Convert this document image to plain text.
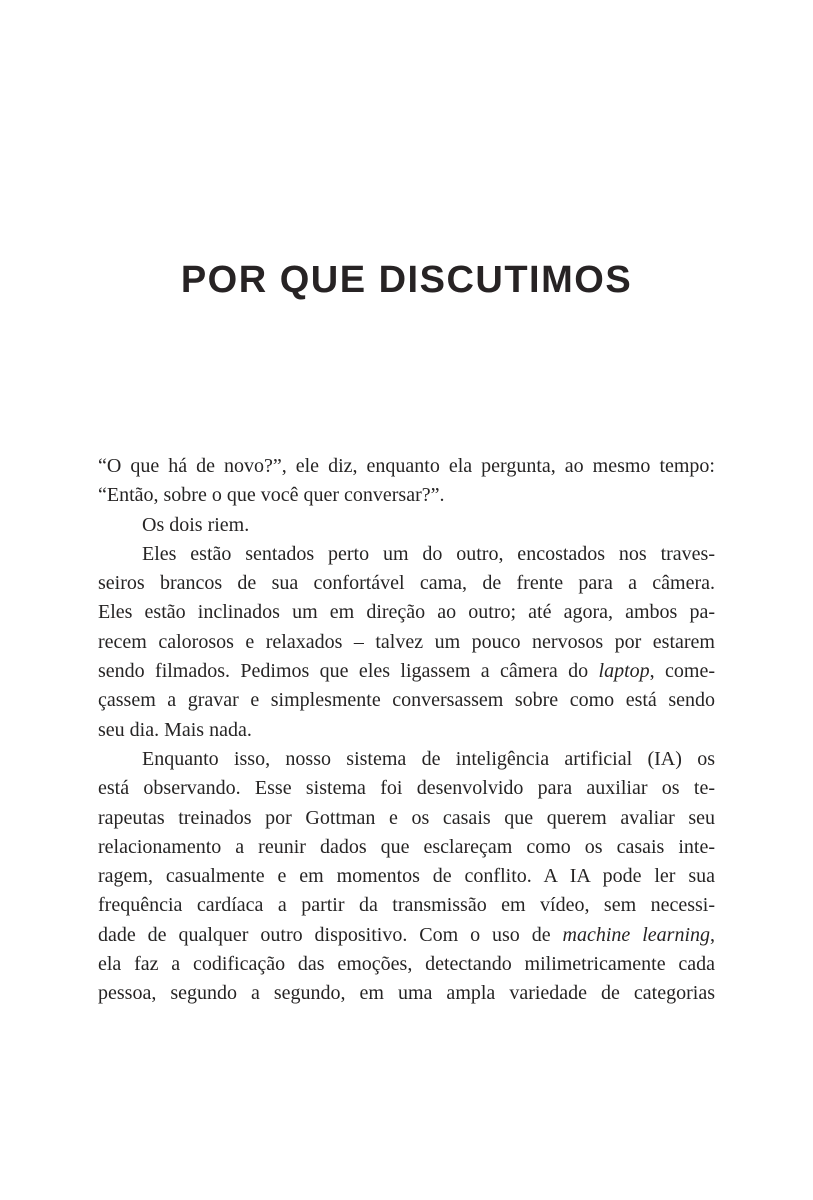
POR QUE DISCUTIMOS
“O que há de novo?”, ele diz, enquanto ela pergunta, ao mesmo tempo:
“Então, sobre o que você quer conversar?”.
Os dois riem.
Eles estão sentados perto um do outro, encostados nos traves-
seiros brancos de sua confortável cama, de frente para a câmera.
Eles estão inclinados um em direção ao outro; até agora, ambos pa-
recem calorosos e relaxados – talvez um pouco nervosos por estarem
sendo filmados. Pedimos que eles ligassem a câmera do laptop, come-
çassem a gravar e simplesmente conversassem sobre como está sendo
seu dia. Mais nada.
Enquanto isso, nosso sistema de inteligência artificial (IA) os
está observando. Esse sistema foi desenvolvido para auxiliar os te-
rapeutas treinados por Gottman e os casais que querem avaliar seu
relacionamento a reunir dados que esclareçam como os casais inte-
ragem, casualmente e em momentos de conflito. A IA pode ler sua
frequência cardíaca a partir da transmissão em vídeo, sem necessi-
dade de qualquer outro dispositivo. Com o uso de machine learning,
ela faz a codificação das emoções, detectando milimetricamente cada
pessoa, segundo a segundo, em uma ampla variedade de categorias
